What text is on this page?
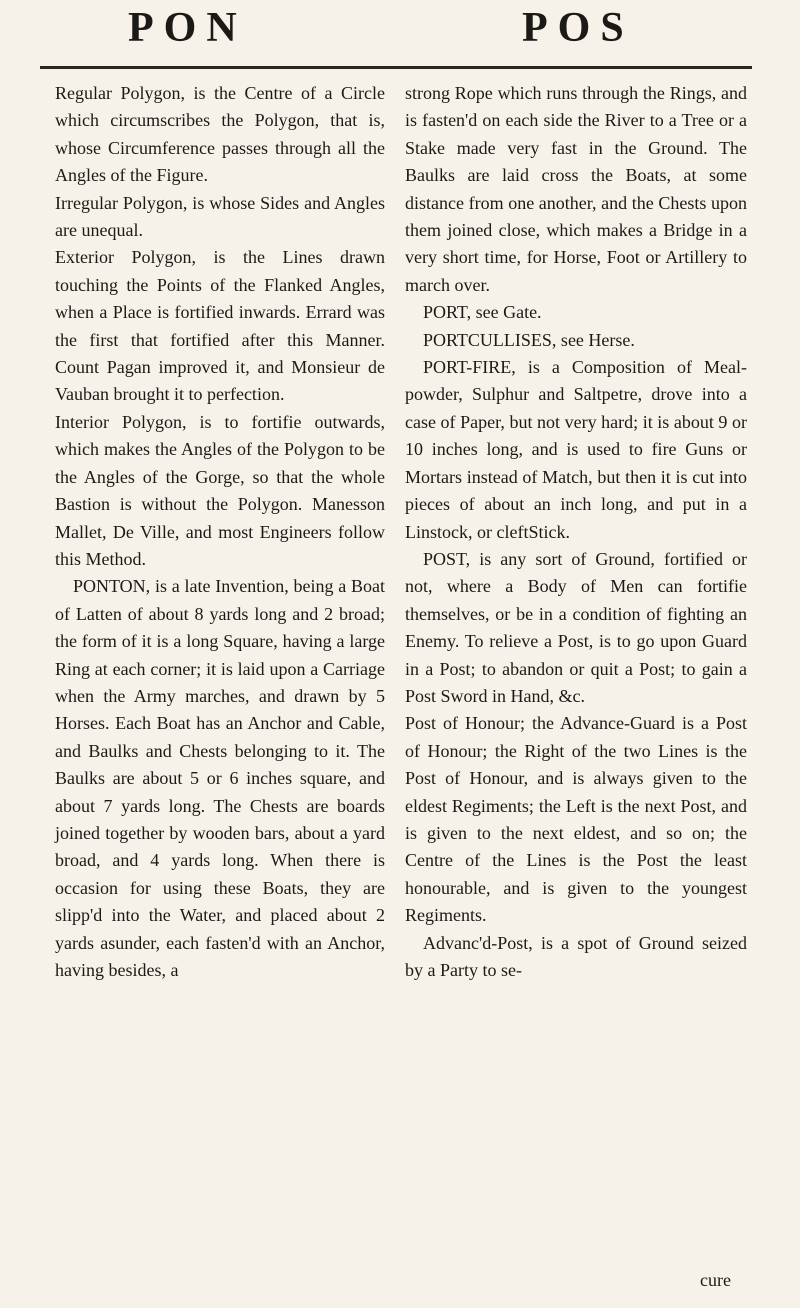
PON	POS

Regular Polygon, is the Centre of a Circle which circumscribes the Polygon, that is, whose Circumference passes through all the Angles of the Figure.

Irregular Polygon, is whose Sides and Angles are unequal.

Exterior Polygon, is the Lines drawn touching the Points of the Flanked Angles, when a Place is fortified inwards. Errard was the first that fortified after this Manner. Count Pagan improved it, and Monsieur de Vauban brought it to perfection.

Interior Polygon, is to fortifie outwards, which makes the Angles of the Polygon to be the Angles of the Gorge, so that the whole Bastion is without the Polygon. Manesson Mallet, De Ville, and most Engineers follow this Method.

PONTON, is a late Invention, being a Boat of Latten of about 8 yards long and 2 broad; the form of it is a long Square, having a large Ring at each corner; it is laid upon a Carriage when the Army marches, and drawn by 5 Horses. Each Boat has an Anchor and Cable, and Baulks and Chests belonging to it. The Baulks are about 5 or 6 inches square, and about 7 yards long. The Chests are boards joined together by wooden bars, about a yard broad, and 4 yards long. When there is occasion for using these Boats, they are slipp'd into the Water, and placed about 2 yards asunder, each fasten'd with an Anchor, having besides, a

strong Rope which runs through the Rings, and is fasten'd on each side the River to a Tree or a Stake made very fast in the Ground. The Baulks are laid cross the Boats, at some distance from one another, and the Chests upon them joined close, which makes a Bridge in a very short time, for Horse, Foot or Artillery to march over.

PORT, see Gate.

PORTCULLISES, see Herse.

PORT-FIRE, is a Composition of Meal-powder, Sulphur and Saltpetre, drove into a case of Paper, but not very hard; it is about 9 or 10 inches long, and is used to fire Guns or Mortars instead of Match, but then it is cut into pieces of about an inch long, and put in a Linstock, or cleftStick.

POST, is any sort of Ground, fortified or not, where a Body of Men can fortifie themselves, or be in a condition of fighting an Enemy. To relieve a Post, is to go upon Guard in a Post; to abandon or quit a Post; to gain a Post Sword in Hand, &c.

Post of Honour; the Advance-Guard is a Post of Honour; the Right of the two Lines is the Post of Honour, and is always given to the eldest Regiments; the Left is the next Post, and is given to the next eldest, and so on; the Centre of the Lines is the Post the least honourable, and is given to the youngest Regiments.

Advanc'd-Post, is a spot of Ground seized by a Party to se-

cure
